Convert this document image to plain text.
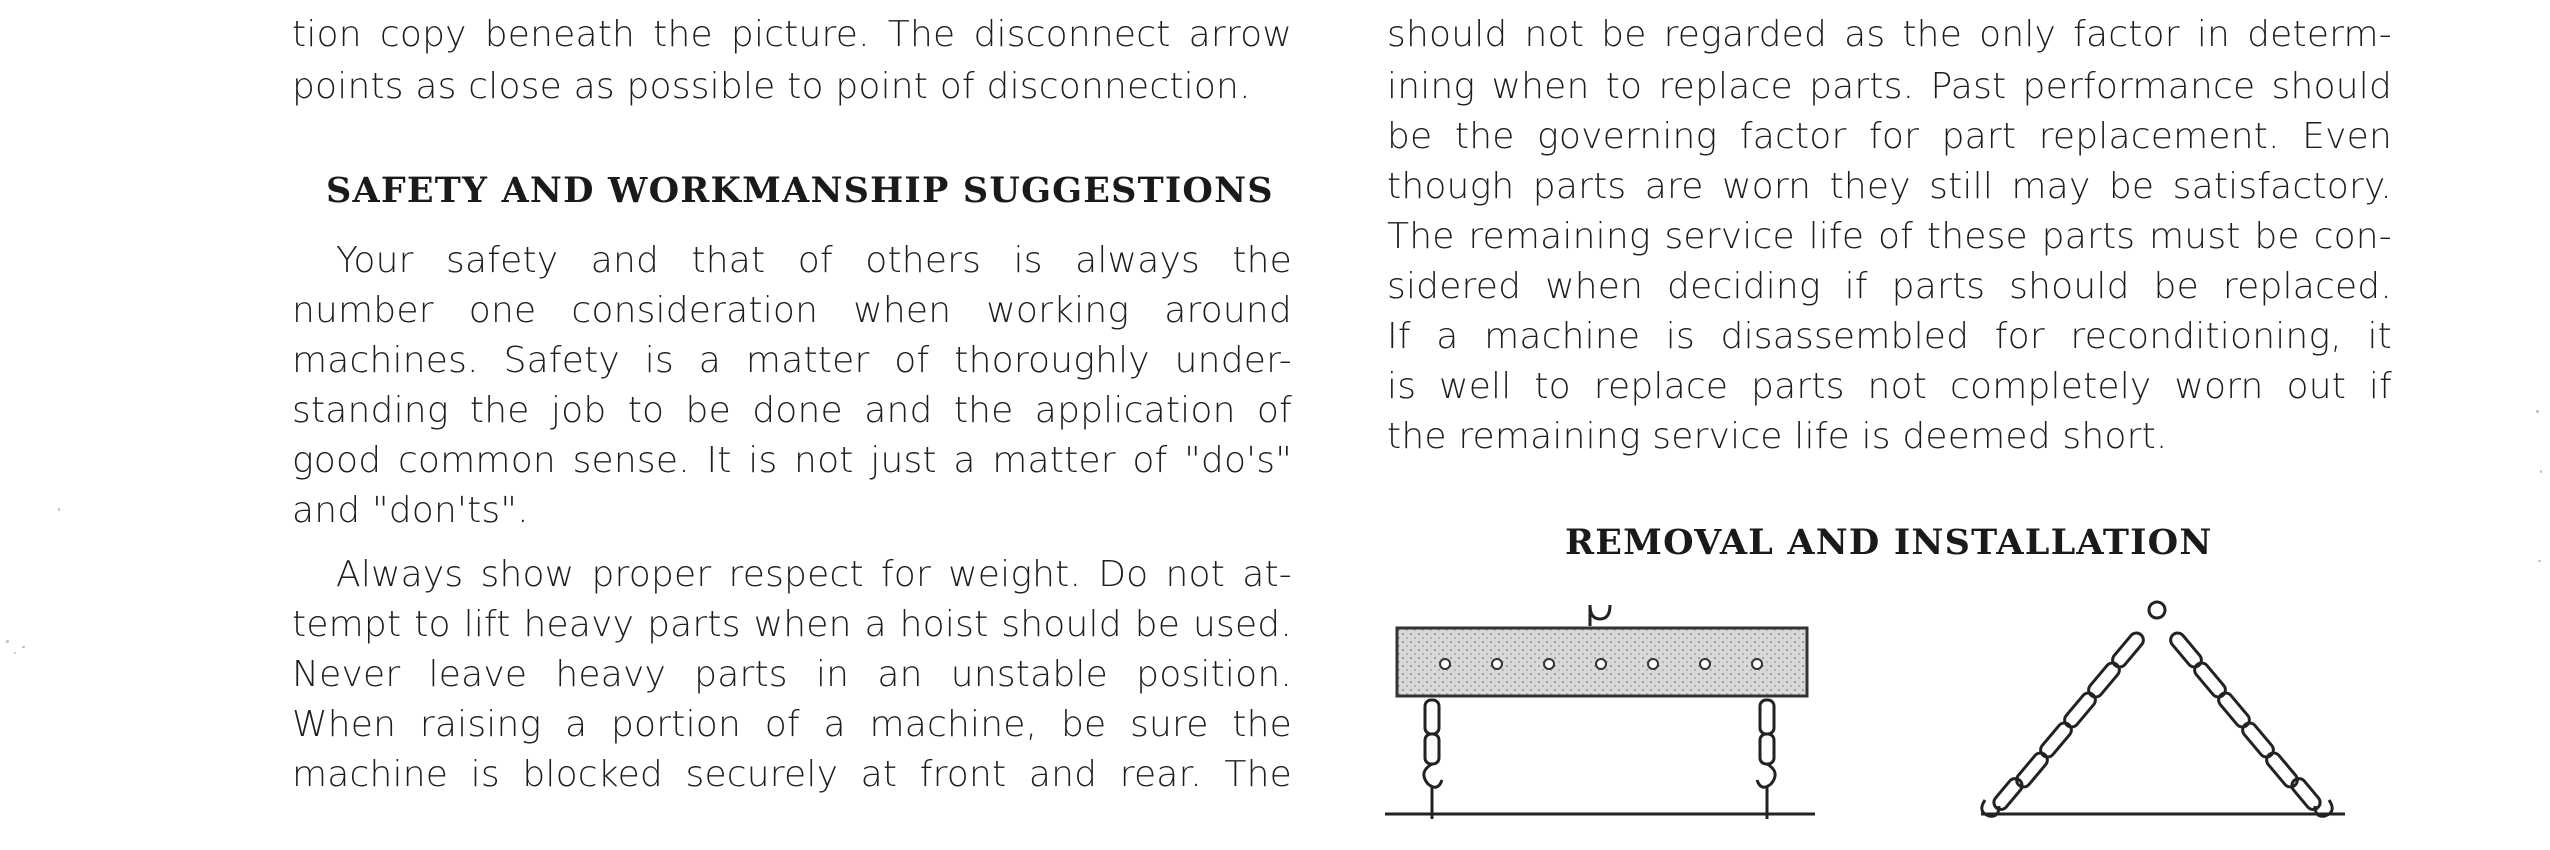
tion copy beneath the picture. The disconnect arrow
points as close as possible to point of disconnection.
SAFETY AND WORKMANSHIP SUGGESTIONS
Your safety and that of others is always the
number one consideration when working around
machines. Safety is a matter of thoroughly under-
standing the job to be done and the application of
good common sense. It is not just a matter of "do's"
and "don'ts".
Always show proper respect for weight. Do not at-
tempt to lift heavy parts when a hoist should be used.
Never leave heavy parts in an unstable position.
When raising a portion of a machine, be sure the
machine is blocked securely at front and rear. The

should not be regarded as the only factor in determ-
ining when to replace parts. Past performance should
be the governing factor for part replacement. Even
though parts are worn they still may be satisfactory.
The remaining service life of these parts must be con-
sidered when deciding if parts should be replaced.
If a machine is disassembled for reconditioning, it
is well to replace parts not completely worn out if
the remaining service life is deemed short.
REMOVAL AND INSTALLATION
